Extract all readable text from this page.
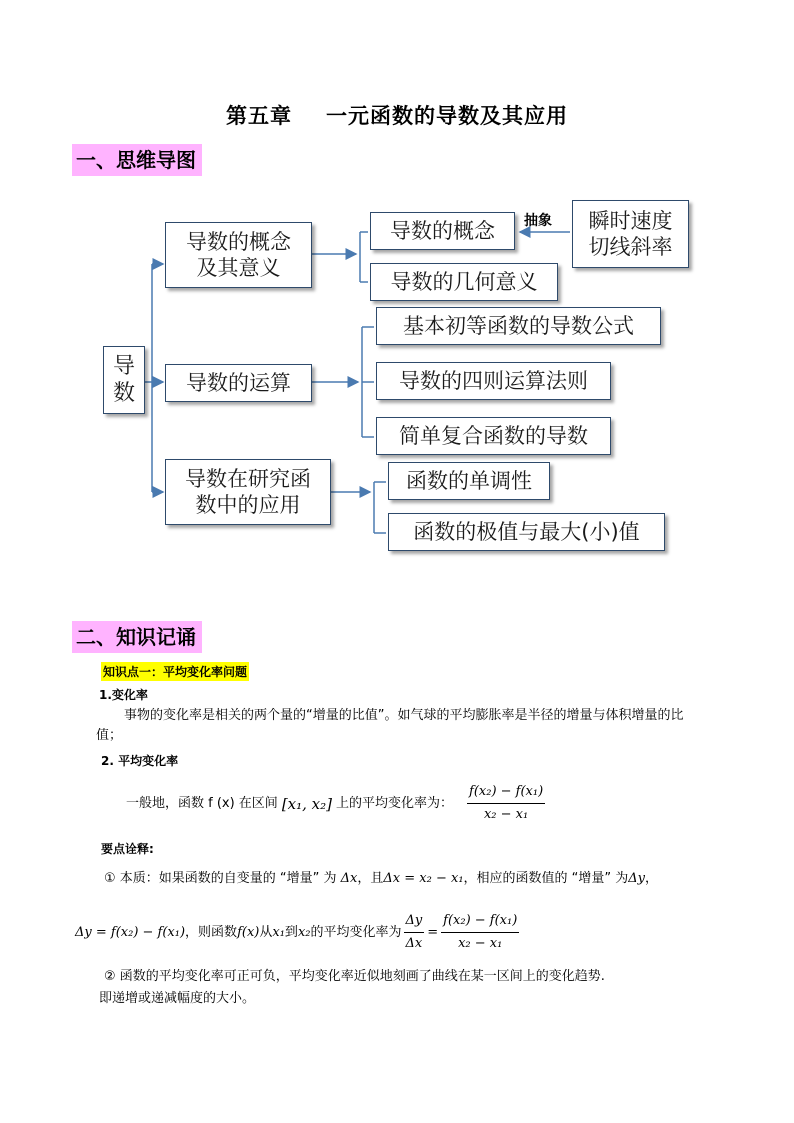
第五章 一元函数的导数及其应用
一、思维导图
导
数
导数的概念
及其意义
导数的运算
导数在研究函
数中的应用
导数的概念
导数的几何意义
抽象	瞬时速度
切线斜率
基本初等函数的导数公式
导数的四则运算法则
简单复合函数的导数
函数的单调性
函数的极值与最大(小)值
二、知识记诵
知识点一：平均变化率问题
1.变化率
事物的变化率是相关的两个量的“增量的比值”。如气球的平均膨胀率是半径的增量与体积增量的比
值；
2. 平均变化率
一般地，函数 f (x) 在区间 [x₁, x₂] 上的平均变化率为： $\frac{\text{f(x₂) − f(x₁)}}{\text{x₂ − x₁}}$
要点诠释:
① 本质：如果函数的自变量的 “增量” 为 Δx，且Δx = x₂ − x₁，相应的函数值的 “增量” 为Δy，
Δy = f(x₂) − f(x₁) ，则函数 f(x) 从 x₁ 到 x₂ 的平均变化率为 $\frac{\Delta y}{\Delta x} = \frac{\text{f(x₂) − f(x₁)}}{\text{x₂ − x₁}}$
② 函数的平均变化率可正可负，平均变化率近似地刻画了曲线在某一区间上的变化趋势.
即递增或递减幅度的大小。
